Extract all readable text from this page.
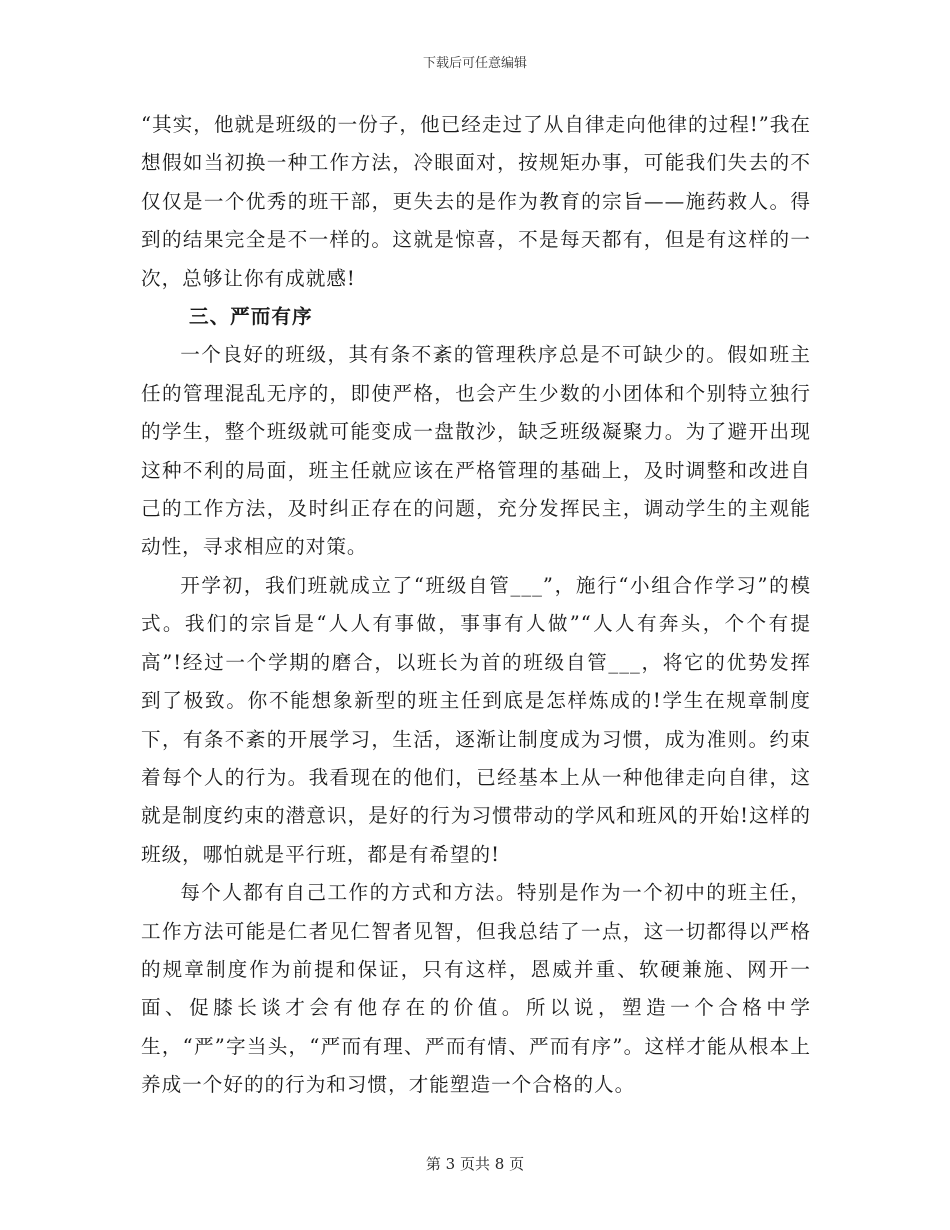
下载后可任意编辑

“其实，他就是班级的一份子，他已经走过了从自律走向他律的过程!”我在想假如当初换一种工作方法，冷眼面对，按规矩办事，可能我们失去的不仅仅是一个优秀的班干部，更失去的是作为教育的宗旨——施药救人。得到的结果完全是不一样的。这就是惊喜，不是每天都有，但是有这样的一次，总够让你有成就感!

三、严而有序

一个良好的班级，其有条不紊的管理秩序总是不可缺少的。假如班主任的管理混乱无序的，即使严格，也会产生少数的小团体和个别特立独行的学生，整个班级就可能变成一盘散沙，缺乏班级凝聚力。为了避开出现这种不利的局面，班主任就应该在严格管理的基础上，及时调整和改进自己的工作方法，及时纠正存在的问题，充分发挥民主，调动学生的主观能动性，寻求相应的对策。

开学初，我们班就成立了“班级自管___”，施行“小组合作学习”的模式。我们的宗旨是“人人有事做，事事有人做”“人人有奔头，个个有提高”!经过一个学期的磨合，以班长为首的班级自管___，将它的优势发挥到了极致。你不能想象新型的班主任到底是怎样炼成的!学生在规章制度下，有条不紊的开展学习，生活，逐渐让制度成为习惯，成为准则。约束着每个人的行为。我看现在的他们，已经基本上从一种他律走向自律，这就是制度约束的潜意识，是好的行为习惯带动的学风和班风的开始!这样的班级，哪怕就是平行班，都是有希望的!

每个人都有自己工作的方式和方法。特别是作为一个初中的班主任，工作方法可能是仁者见仁智者见智，但我总结了一点，这一切都得以严格的规章制度作为前提和保证，只有这样，恩威并重、软硬兼施、网开一面、促膝长谈才会有他存在的价值。所以说，塑造一个合格中学生，“严”字当头，“严而有理、严而有情、严而有序”。这样才能从根本上养成一个好的的行为和习惯，才能塑造一个合格的人。

第 3 页共 8 页
